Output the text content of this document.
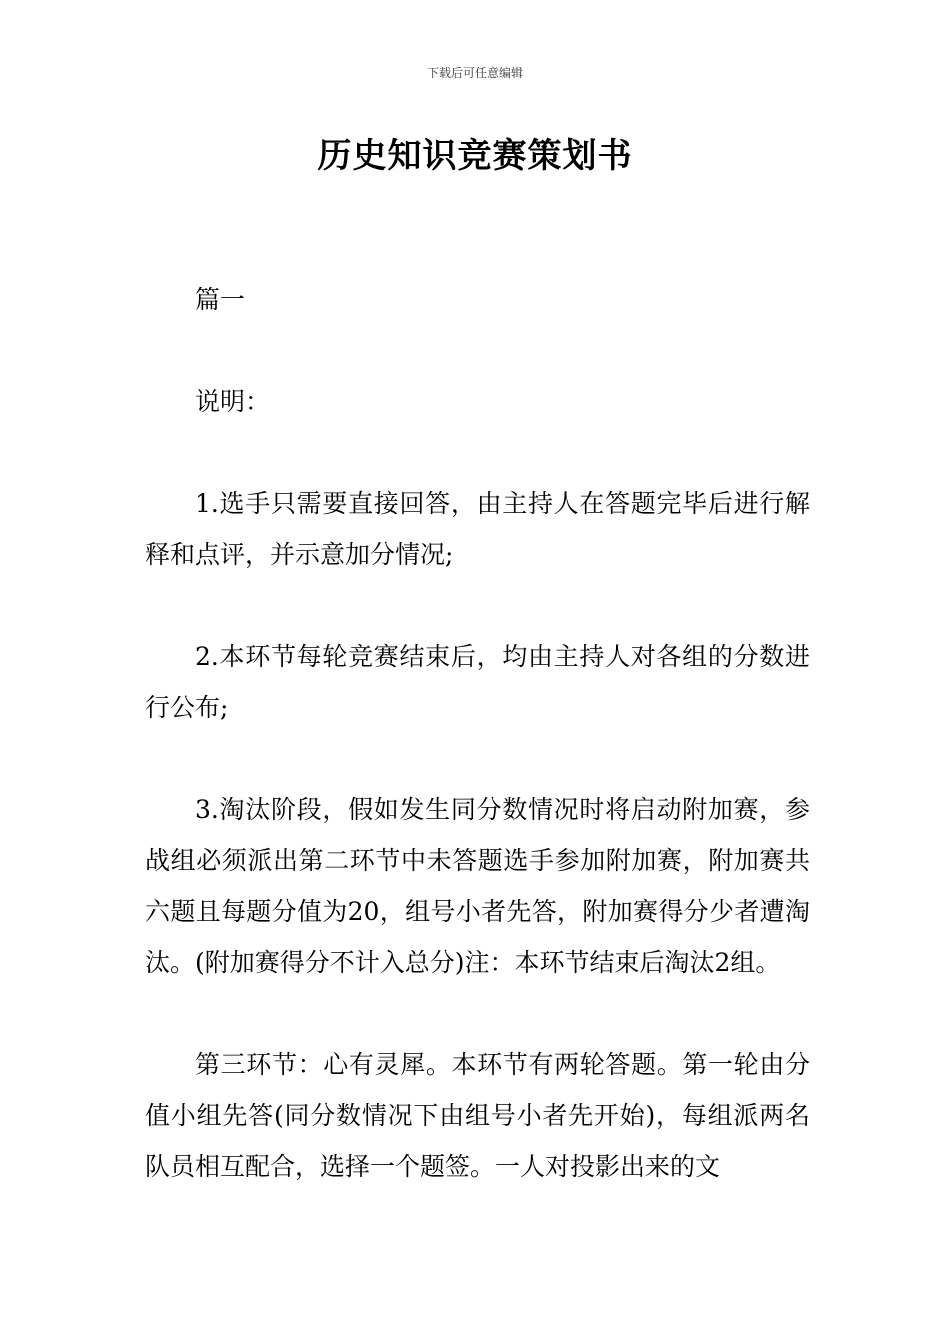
下载后可任意编辑
历史知识竞赛策划书

篇一

说明：

1.选手只需要直接回答，由主持人在答题完毕后进行解释和点评，并示意加分情况;

2.本环节每轮竞赛结束后，均由主持人对各组的分数进行公布;

3.淘汰阶段，假如发生同分数情况时将启动附加赛，参战组必须派出第二环节中未答题选手参加附加赛，附加赛共六题且每题分值为20，组号小者先答，附加赛得分少者遭淘汰。(附加赛得分不计入总分)注：本环节结束后淘汰2组。

第三环节：心有灵犀。本环节有两轮答题。第一轮由分值小组先答(同分数情况下由组号小者先开始)，每组派两名队员相互配合，选择一个题签。一人对投影出来的文
